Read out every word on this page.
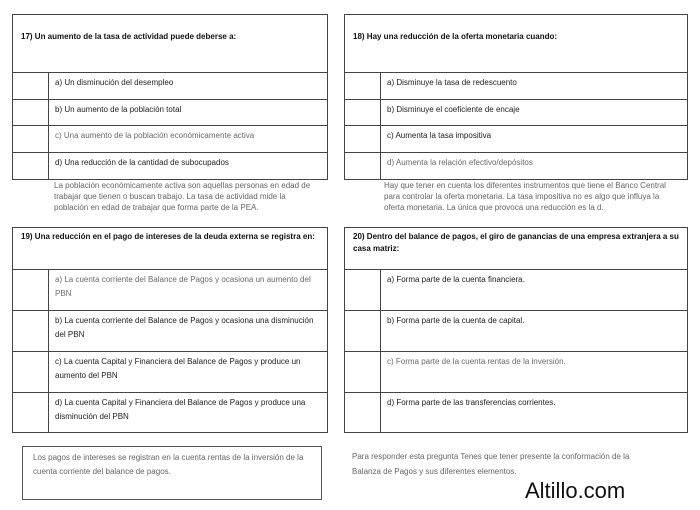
17) Un aumento de la tasa de actividad puede deberse a:
a) Un disminución del desempleo
b) Un aumento de la población total
c) Una aumento de la población económicamente activa
d) Una reducción de la cantidad de subocupados
La población económicamente activa son aquellas personas en edad de trabajar que tienen o buscan trabajo. La tasa de actividad mide la población en edad de trabajar que forma parte de la PEA.
18) Hay una reducción de la oferta monetaria cuando:
a) Disminuye la tasa de redescuento
b) Disminuye el coeficiente de encaje
c) Aumenta la tasa impositiva
d) Aumenta la relación efectivo/depósitos
Hay que tener en cuenta los diferentes instrumentos que tiene el Banco Central para controlar la oferta monetaria. La tasa impositiva no es algo que influya la oferta monetaria. La única que provoca una reducción es la d.
19) Una reducción en el pago de intereses de la deuda externa se registra en:
a) La cuenta corriente del Balance de Pagos y ocasiona un aumento del PBN
b) La cuenta corriente del Balance de Pagos y ocasiona una disminución del PBN
c) La cuenta Capital y Financiera del Balance de Pagos y produce un aumento del PBN
d) La cuenta Capital y Financiera del Balance de Pagos y produce una disminución del PBN
20) Dentro del balance de pagos, el giro de ganancias de una empresa extranjera a su casa matriz:
a) Forma parte de la cuenta financiera.
b) Forma parte de la cuenta de capital.
c) Forma parte de la cuenta rentas de la inversión.
d) Forma parte de las transferencias corrientes.
Los pagos de intereses se registran en la cuenta rentas de la inversión de la cuenta corriente del balance de pagos.
Para responder esta pregunta Tenes que tener presente la conformación de la Balanza de Pagos y sus diferentes elementos.
Altillo.com
